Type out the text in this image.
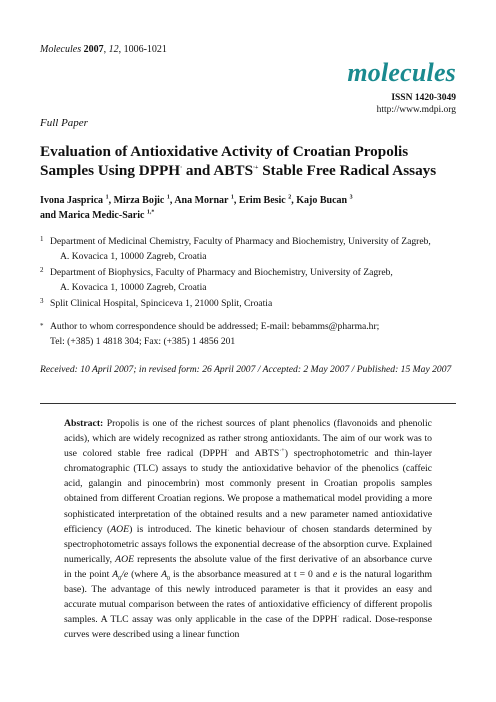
Molecules 2007, 12, 1006-1021
molecules
ISSN 1420-3049
http://www.mdpi.org
Full Paper
Evaluation of Antioxidative Activity of Croatian Propolis Samples Using DPPH· and ABTS·+ Stable Free Radical Assays
Ivona Jasprica $^1$, Mirza Bojic $^1$, Ana Mornar $^1$, Erim Besic $^2$, Kajo Bucan $^3$
and Marica Medic-Saric $^{1,*}$
1 Department of Medicinal Chemistry, Faculty of Pharmacy and Biochemistry, University of Zagreb,
A. Kovacica 1, 10000 Zagreb, Croatia
2 Department of Biophysics, Faculty of Pharmacy and Biochemistry, University of Zagreb,
A. Kovacica 1, 10000 Zagreb, Croatia
3 Split Clinical Hospital, Spinciceva 1, 21000 Split, Croatia
* Author to whom correspondence should be addressed; E-mail: bebamms@pharma.hr;
Tel: (+385) 1 4818 304; Fax: (+385) 1 4856 201
Received: 10 April 2007; in revised form: 26 April 2007 / Accepted: 2 May 2007 / Published: 15 May 2007
Abstract: Propolis is one of the richest sources of plant phenolics (flavonoids and phenolic acids), which are widely recognized as rather strong antioxidants. The aim of our work was to use colored stable free radical (DPPH· and ABTS·+) spectrophotometric and thin-layer chromatographic (TLC) assays to study the antioxidative behavior of the phenolics (caffeic acid, galangin and pinocembrin) most commonly present in Croatian propolis samples obtained from different Croatian regions. We propose a mathematical model providing a more sophisticated interpretation of the obtained results and a new parameter named antioxidative efficiency (AOE) is introduced. The kinetic behaviour of chosen standards determined by spectrophotometric assays follows the exponential decrease of the absorption curve. Explained numerically, AOE represents the absolute value of the first derivative of an absorbance curve in the point $A_0/e$ (where $A_0$ is the absorbance measured at t = 0 and e is the natural logarithm base). The advantage of this newly introduced parameter is that it provides an easy and accurate mutual comparison between the rates of antioxidative efficiency of different propolis samples. A TLC assay was only applicable in the case of the DPPH· radical. Dose-response curves were described using a linear function
